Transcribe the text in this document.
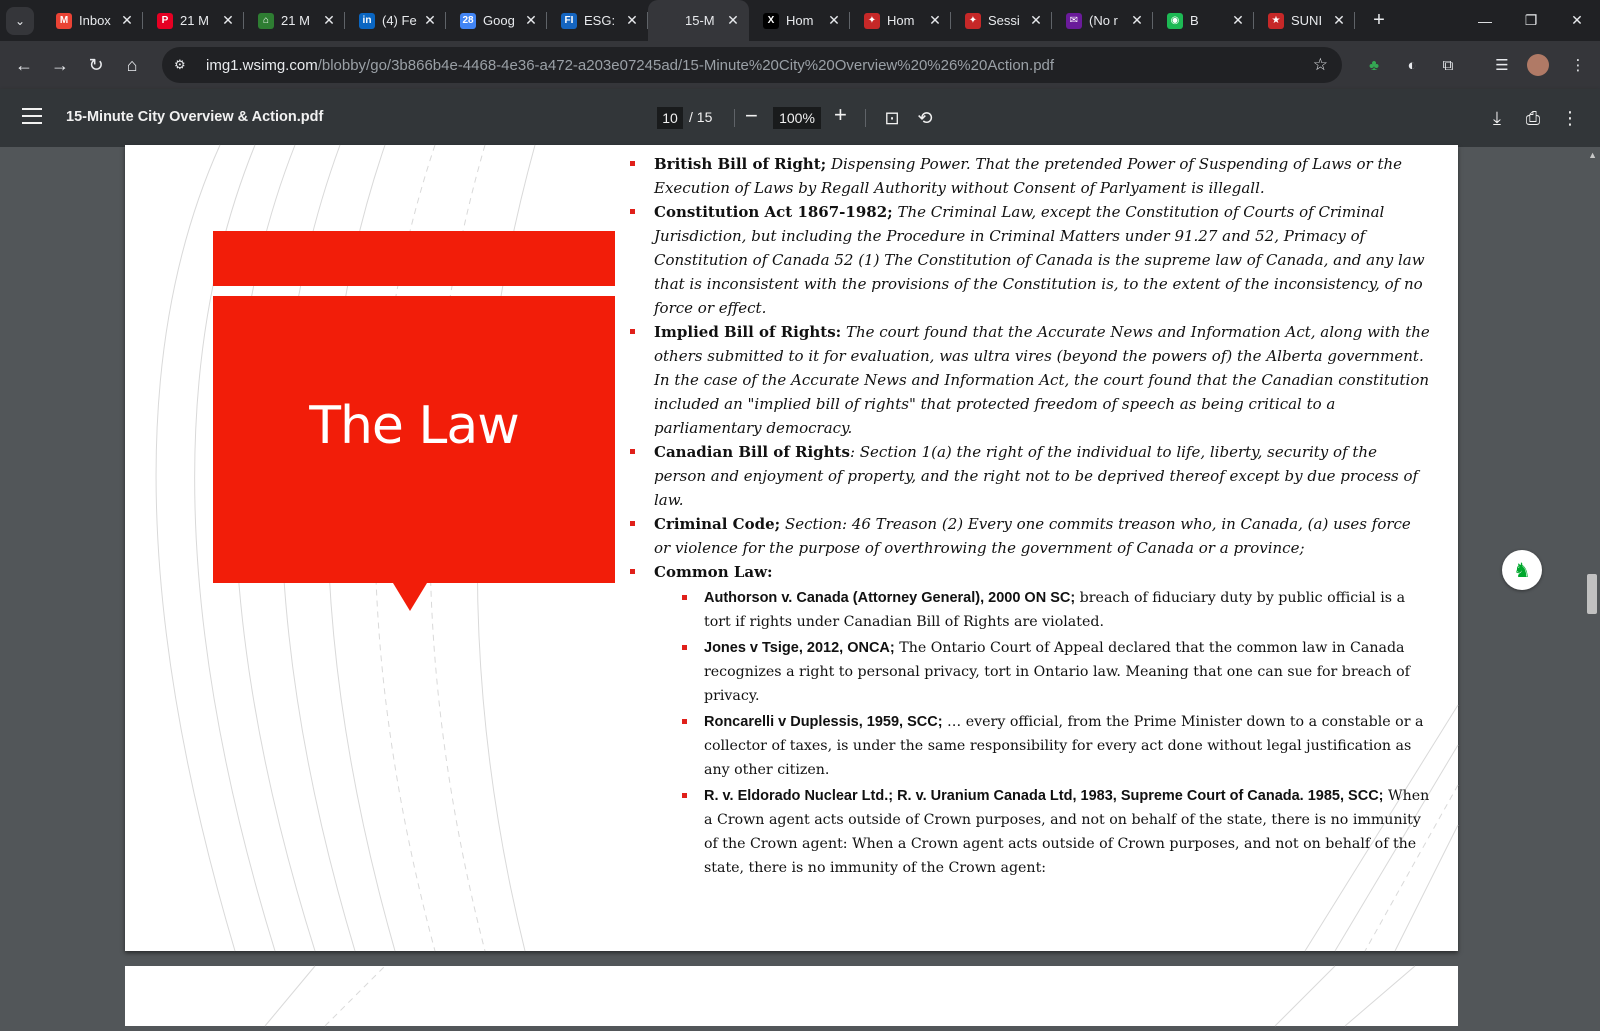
⌄	M Inbox ✕	P 21 M ✕	⌂ 21 M ✕	in (4) Fe ✕	28 Goog ✕	FI ESG: ✕	15-M ✕	X Hom	✕	✦ Hom	✕	✦ Sessi ✕	✉ (No r ✕	◉ B	✕	★ SUNI ✕ +	—	❐	✕
← → ↻ ⌂	⚙	img1.wsimg.com/blobby/go/3b866b4e-4468-4e36-a472-a203e07245ad/15-Minute%20City%20Overview%20%26%20Action.pdf	☆	♣	◐	⧉	☰	⋮
15-Minute City Overview & Action.pdf	10 / 15 −	100% +	⊡ ⟲	⤓	⎙	⋮
The Law
British Bill of Right; Dispensing Power. That the pretended Power of Suspending of Laws or the Execution of Laws by Regall Authority without Consent of Parlyament is illegall.
Constitution Act 1867-1982; The Criminal Law, except the Constitution of Courts of Criminal Jurisdiction, but including the Procedure in Criminal Matters under 91.27 and 52, Primacy of Constitution of Canada 52 (1) The Constitution of Canada is the supreme law of Canada, and any law that is inconsistent with the provisions of the Constitution is, to the extent of the inconsistency, of no force or effect.
Implied Bill of Rights: The court found that the Accurate News and Information Act, along with the others submitted to it for evaluation, was ultra vires (beyond the powers of) the Alberta government. In the case of the Accurate News and Information Act, the court found that the Canadian constitution included an "implied bill of rights" that protected freedom of speech as being critical to a parliamentary democracy.
Canadian Bill of Rights: Section 1(a) the right of the individual to life, liberty, security of the person and enjoyment of property, and the right not to be deprived thereof except by due process of law.
Criminal Code; Section: 46 Treason (2) Every one commits treason who, in Canada, (a) uses force or violence for the purpose of overthrowing the government of Canada or a province;
Common Law:
Authorson v. Canada (Attorney General), 2000 ON SC; breach of fiduciary duty by public official is a tort if rights under Canadian Bill of Rights are violated.
Jones v Tsige, 2012, ONCA; The Ontario Court of Appeal declared that the common law in Canada recognizes a right to personal privacy, tort in Ontario law. Meaning that one can sue for breach of privacy.
Roncarelli v Duplessis, 1959, SCC; … every official, from the Prime Minister down to a constable or a collector of taxes, is under the same responsibility for every act done without legal justification as any other citizen.
R. v. Eldorado Nuclear Ltd.; R. v. Uranium Canada Ltd, 1983, Supreme Court of Canada. 1985, SCC; When a Crown agent acts outside of Crown purposes, and not on behalf of the state, there is no immunity of the Crown agent: When a Crown agent acts outside of Crown purposes, and not on behalf of the state, there is no immunity of the Crown agent:
▲
♞
